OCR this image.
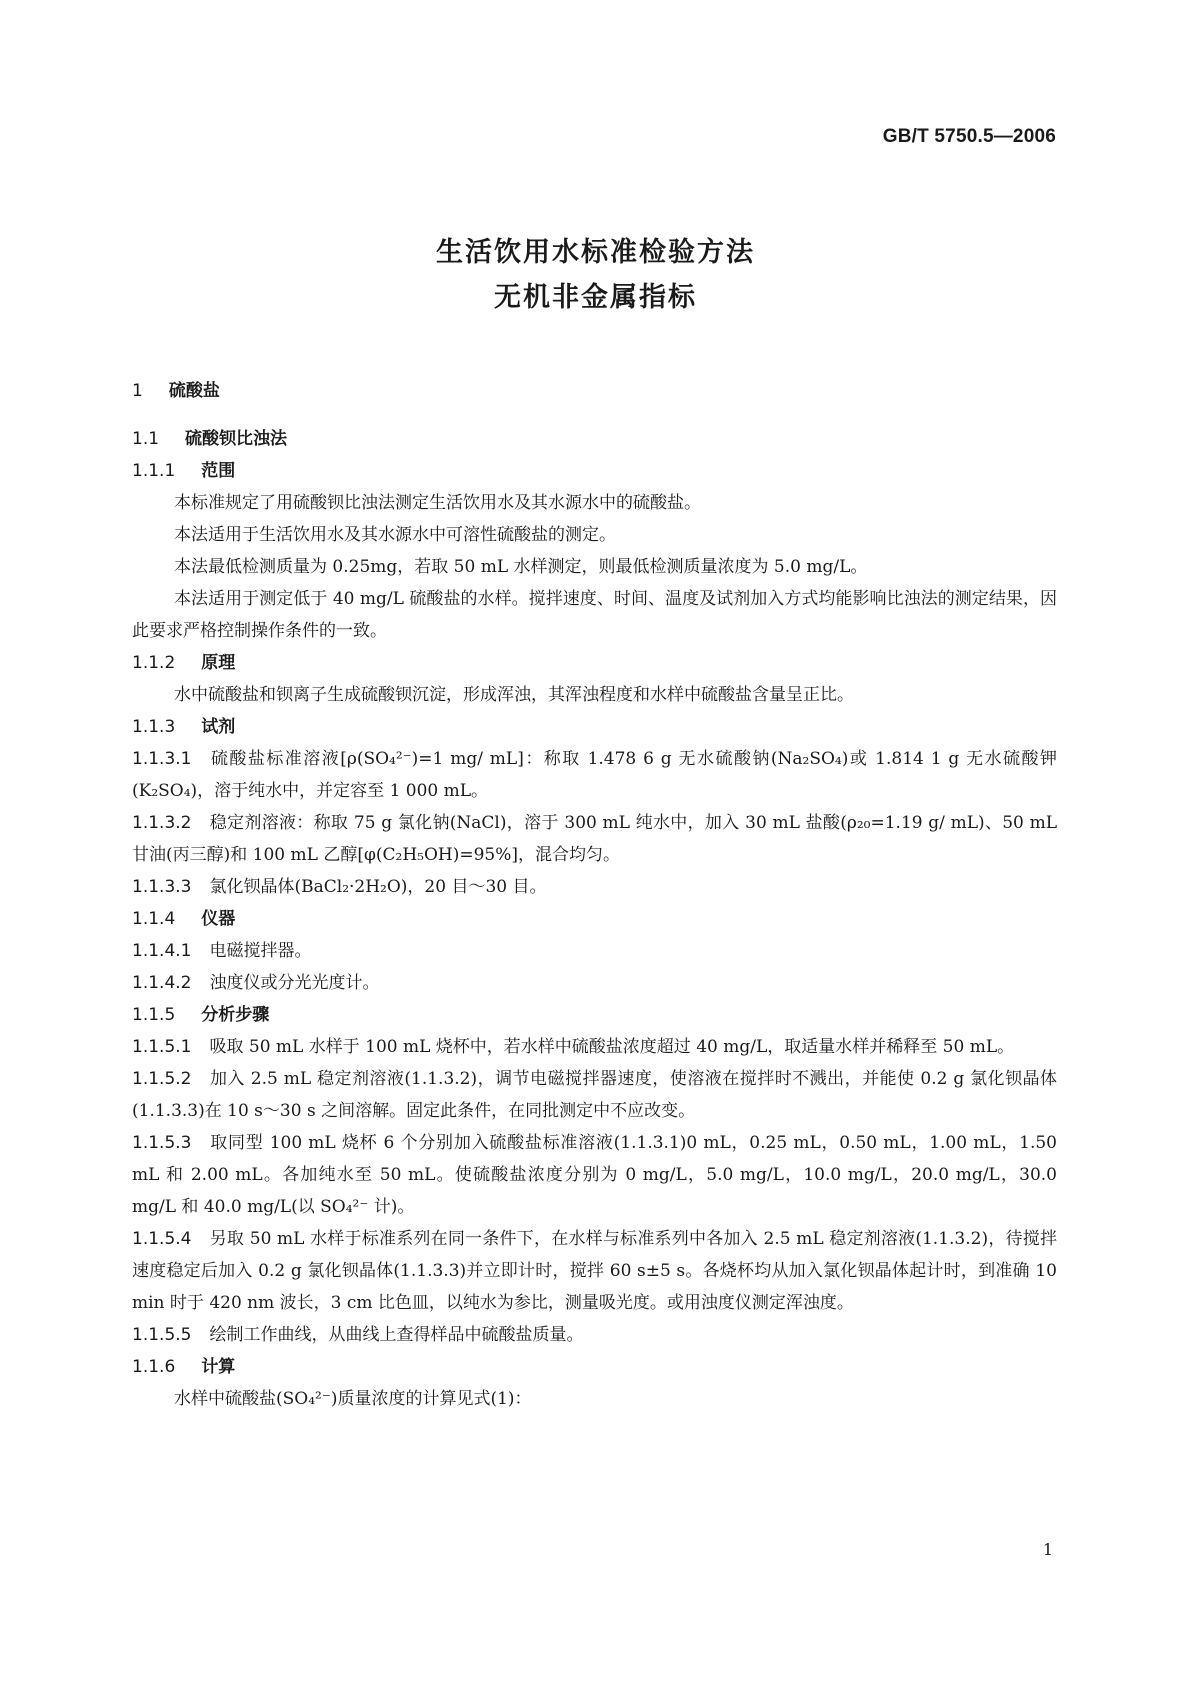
GB/T 5750.5—2006
生活饮用水标准检验方法
无机非金属指标
1 硫酸盐
1.1 硫酸钡比浊法
1.1.1 范围
本标准规定了用硫酸钡比浊法测定生活饮用水及其水源水中的硫酸盐。
本法适用于生活饮用水及其水源水中可溶性硫酸盐的测定。
本法最低检测质量为 0.25mg，若取 50 mL 水样测定，则最低检测质量浓度为 5.0 mg/L。
本法适用于测定低于 40 mg/L 硫酸盐的水样。搅拌速度、时间、温度及试剂加入方式均能影响比浊法的测定结果，因此要求严格控制操作条件的一致。
1.1.2 原理
水中硫酸盐和钡离子生成硫酸钡沉淀，形成浑浊，其浑浊程度和水样中硫酸盐含量呈正比。
1.1.3 试剂
1.1.3.1 硫酸盐标准溶液[ρ(SO₄²⁻)=1 mg/ mL]：称取 1.478 6 g 无水硫酸钠(Na₂SO₄)或 1.814 1 g 无水硫酸钾(K₂SO₄)，溶于纯水中，并定容至 1 000 mL。
1.1.3.2 稳定剂溶液：称取 75 g 氯化钠(NaCl)，溶于 300 mL 纯水中，加入 30 mL 盐酸(ρ₂₀=1.19 g/ mL)、50 mL 甘油(丙三醇)和 100 mL 乙醇[φ(C₂H₅OH)=95%]，混合均匀。
1.1.3.3 氯化钡晶体(BaCl₂·2H₂O)，20 目～30 目。
1.1.4 仪器
1.1.4.1 电磁搅拌器。
1.1.4.2 浊度仪或分光光度计。
1.1.5 分析步骤
1.1.5.1 吸取 50 mL 水样于 100 mL 烧杯中，若水样中硫酸盐浓度超过 40 mg/L，取适量水样并稀释至 50 mL。
1.1.5.2 加入 2.5 mL 稳定剂溶液(1.1.3.2)，调节电磁搅拌器速度，使溶液在搅拌时不溅出，并能使 0.2 g 氯化钡晶体(1.1.3.3)在 10 s～30 s 之间溶解。固定此条件，在同批测定中不应改变。
1.1.5.3 取同型 100 mL 烧杯 6 个分别加入硫酸盐标准溶液(1.1.3.1)0 mL，0.25 mL，0.50 mL，1.00 mL，1.50 mL 和 2.00 mL。各加纯水至 50 mL。使硫酸盐浓度分别为 0 mg/L，5.0 mg/L，10.0 mg/L，20.0 mg/L，30.0 mg/L 和 40.0 mg/L(以 SO₄²⁻ 计)。
1.1.5.4 另取 50 mL 水样于标准系列在同一条件下，在水样与标准系列中各加入 2.5 mL 稳定剂溶液(1.1.3.2)，待搅拌速度稳定后加入 0.2 g 氯化钡晶体(1.1.3.3)并立即计时，搅拌 60 s±5 s。各烧杯均从加入氯化钡晶体起计时，到准确 10 min 时于 420 nm 波长，3 cm 比色皿，以纯水为参比，测量吸光度。或用浊度仪测定浑浊度。
1.1.5.5 绘制工作曲线，从曲线上查得样品中硫酸盐质量。
1.1.6 计算
水样中硫酸盐(SO₄²⁻)质量浓度的计算见式(1)：
1
